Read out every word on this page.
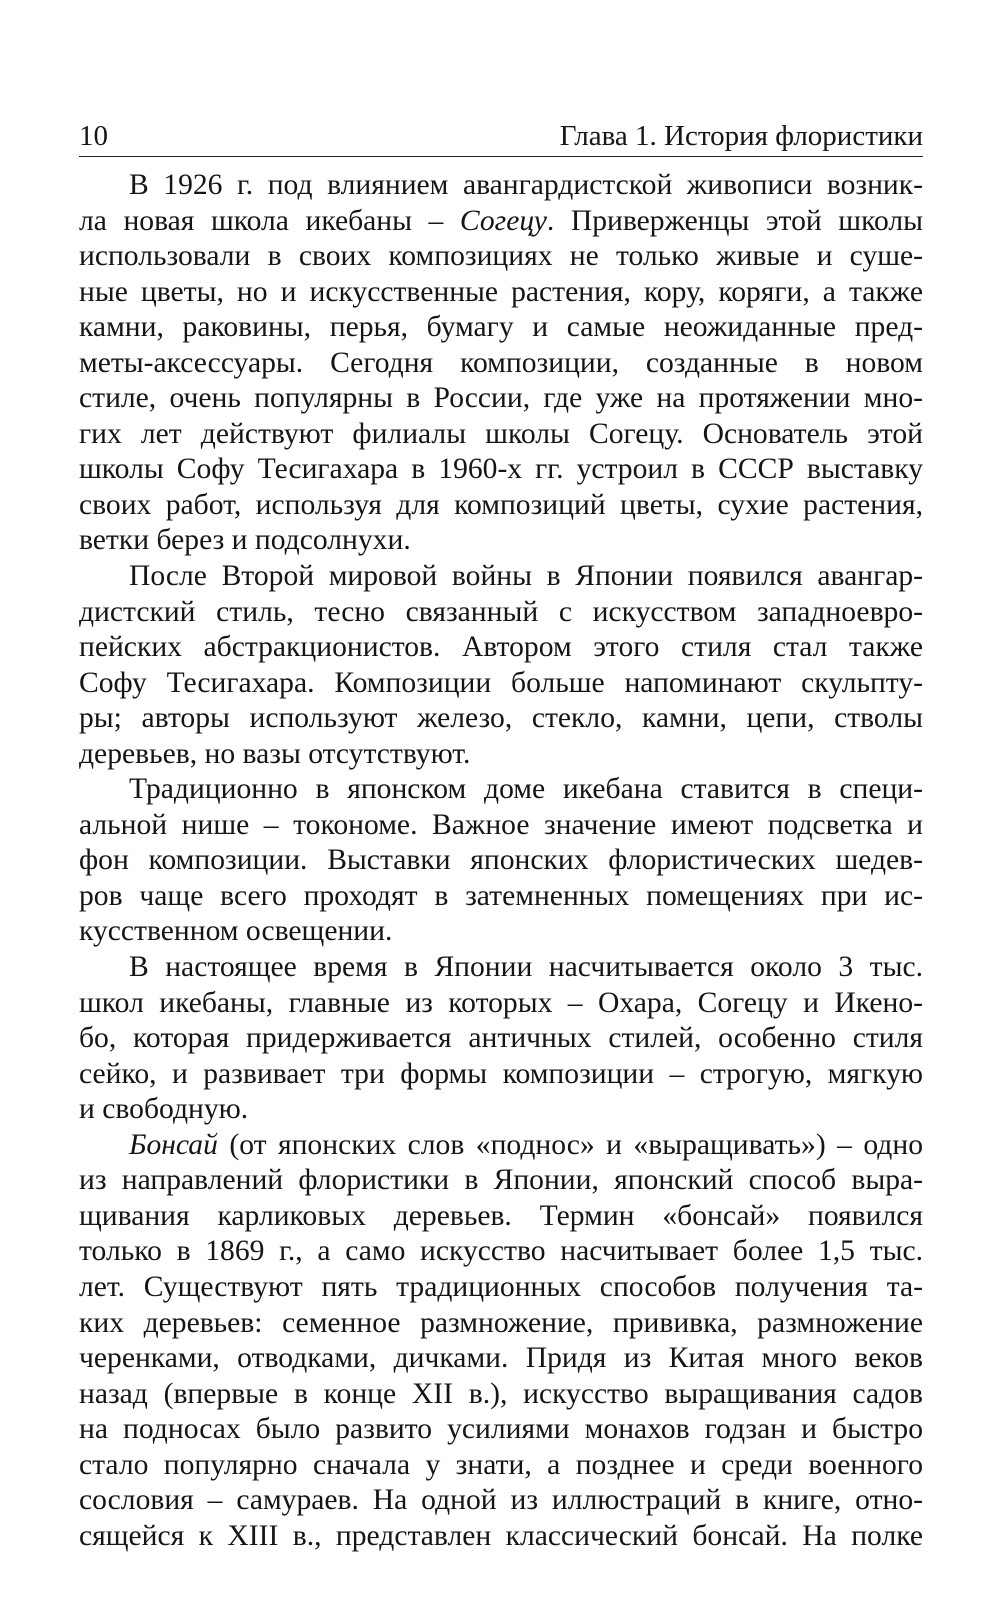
10	Глава 1. История флористики

В 1926 г. под влиянием авангардистской живописи возник-
ла новая школа икебаны – Согецу. Приверженцы этой школы
использовали в своих композициях не только живые и суше-
ные цветы, но и искусственные растения, кору, коряги, а также
камни, раковины, перья, бумагу и самые неожиданные пред-
меты-аксессуары. Сегодня композиции, созданные в новом
стиле, очень популярны в России, где уже на протяжении мно-
гих лет действуют филиалы школы Согецу. Основатель этой
школы Софу Тесигахара в 1960-х гг. устроил в СССР выставку
своих работ, используя для композиций цветы, сухие растения,
ветки берез и подсолнухи.

После Второй мировой войны в Японии появился авангар-
дистский стиль, тесно связанный с искусством западноевро-
пейских абстракционистов. Автором этого стиля стал также
Софу Тесигахара. Композиции больше напоминают скульпту-
ры; авторы используют железо, стекло, камни, цепи, стволы
деревьев, но вазы отсутствуют.

Традиционно в японском доме икебана ставится в специ-
альной нише – токономе. Важное значение имеют подсветка и
фон композиции. Выставки японских флористических шедев-
ров чаще всего проходят в затемненных помещениях при ис-
кусственном освещении.

В настоящее время в Японии насчитывается около 3 тыс.
школ икебаны, главные из которых – Охара, Согецу и Икено-
бо, которая придерживается античных стилей, особенно стиля
сейко, и развивает три формы композиции – строгую, мягкую
и свободную.

Бонсай (от японских слов «поднос» и «выращивать») – одно
из направлений флористики в Японии, японский способ выра-
щивания карликовых деревьев. Термин «бонсай» появился
только в 1869 г., а само искусство насчитывает более 1,5 тыс.
лет. Существуют пять традиционных способов получения та-
ких деревьев: семенное размножение, прививка, размножение
черенками, отводками, дичками. Придя из Китая много веков
назад (впервые в конце XII в.), искусство выращивания садов
на подносах было развито усилиями монахов годзан и быстро
стало популярно сначала у знати, а позднее и среди военного
сословия – самураев. На одной из иллюстраций в книге, отно-
сящейся к XIII в., представлен классический бонсай. На полке
